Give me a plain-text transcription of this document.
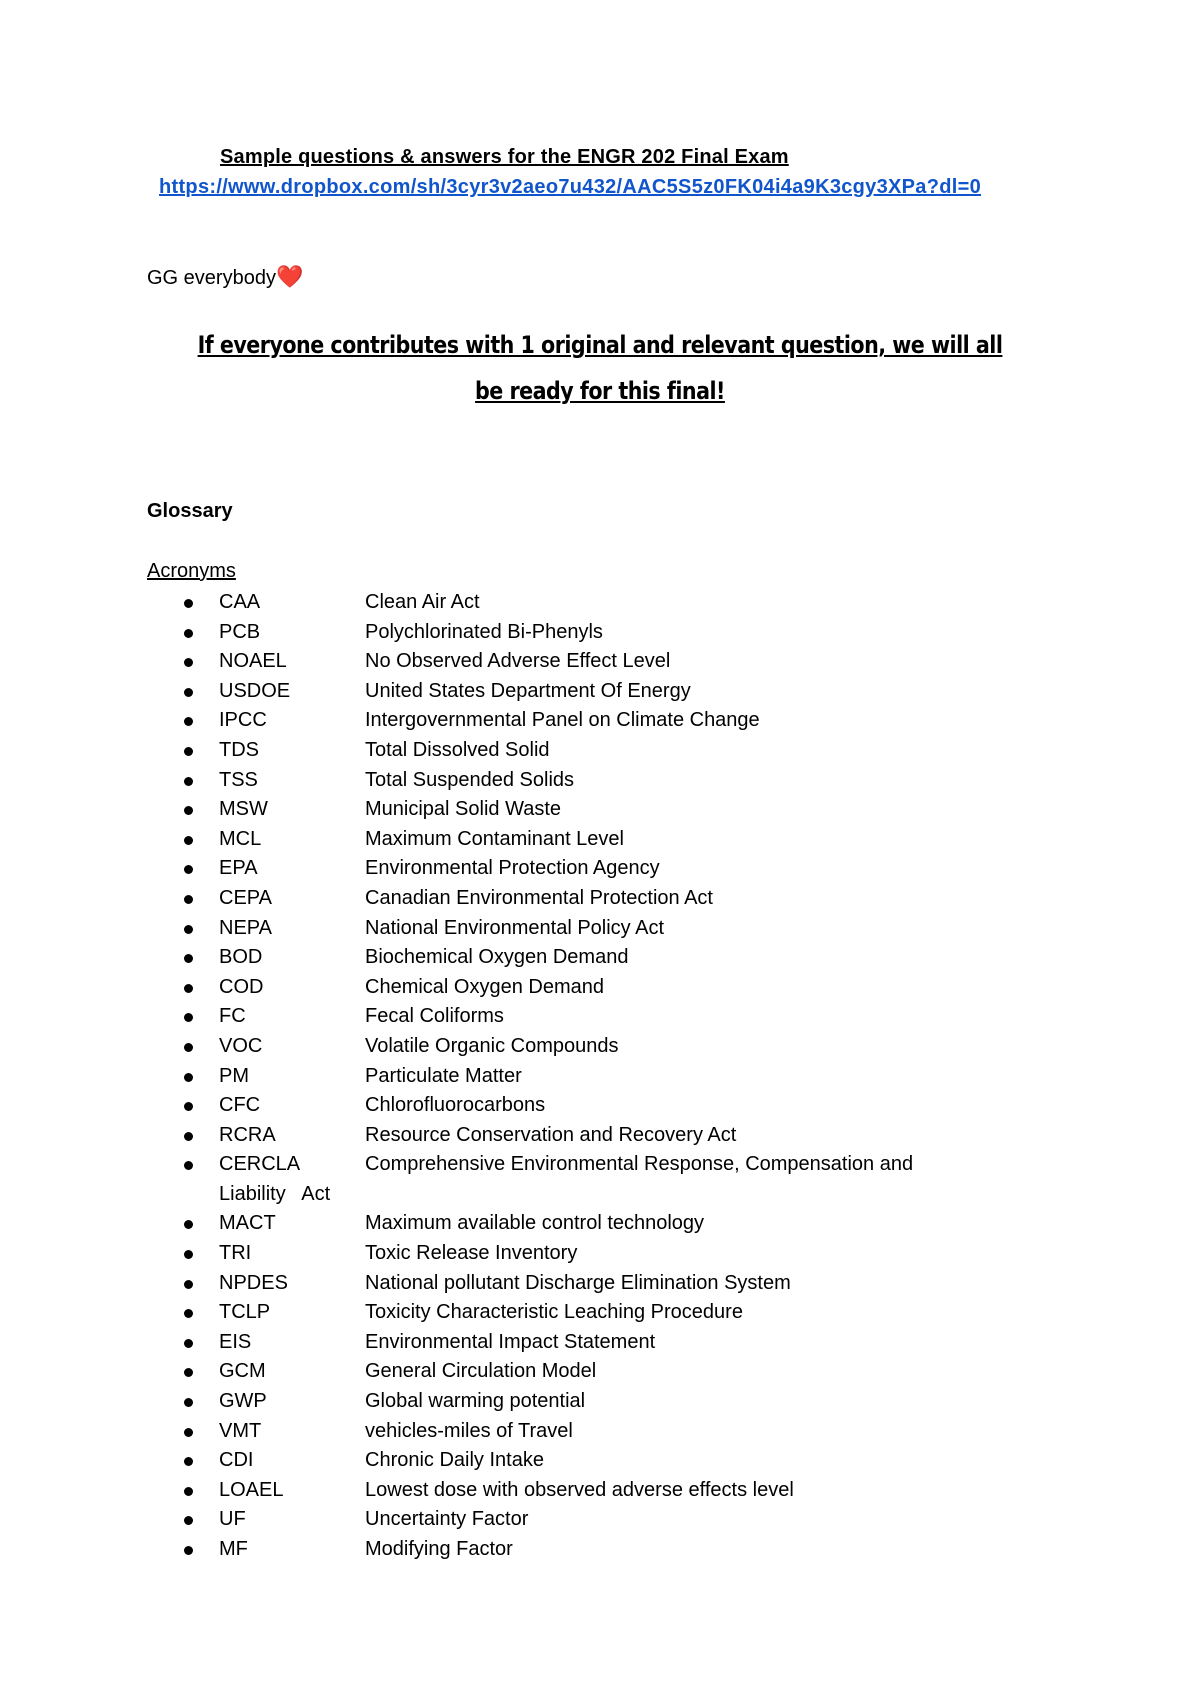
Sample questions & answers for the ENGR 202 Final Exam
https://www.dropbox.com/sh/3cyr3v2aeo7u432/AAC5S5z0FK04i4a9K3cgy3XPa?dl=0
GG everybody❤️
If everyone contributes with 1 original and relevant question, we will all be ready for this final!
Glossary
Acronyms
CAA	Clean Air Act
PCB	Polychlorinated Bi-Phenyls
NOAEL	No Observed Adverse Effect Level
USDOE	United States Department Of Energy
IPCC	Intergovernmental Panel on Climate Change
TDS	Total Dissolved Solid
TSS	Total Suspended Solids
MSW	Municipal Solid Waste
MCL	Maximum Contaminant Level
EPA	Environmental Protection Agency
CEPA	Canadian Environmental Protection Act
NEPA	National Environmental Policy Act
BOD	Biochemical Oxygen Demand
COD	Chemical Oxygen Demand
FC	Fecal Coliforms
VOC	Volatile Organic Compounds
PM	Particulate Matter
CFC	Chlorofluorocarbons
RCRA	Resource Conservation and Recovery Act
CERCLA	Comprehensive Environmental Response, Compensation and
Liability   Act
MACT	Maximum available control technology
TRI	Toxic Release Inventory
NPDES	National pollutant Discharge Elimination System
TCLP	Toxicity Characteristic Leaching Procedure
EIS	Environmental Impact Statement
GCM	General Circulation Model
GWP	Global warming potential
VMT	vehicles-miles of Travel
CDI	Chronic Daily Intake
LOAEL	Lowest dose with observed adverse effects level
UF	Uncertainty Factor
MF	Modifying Factor
